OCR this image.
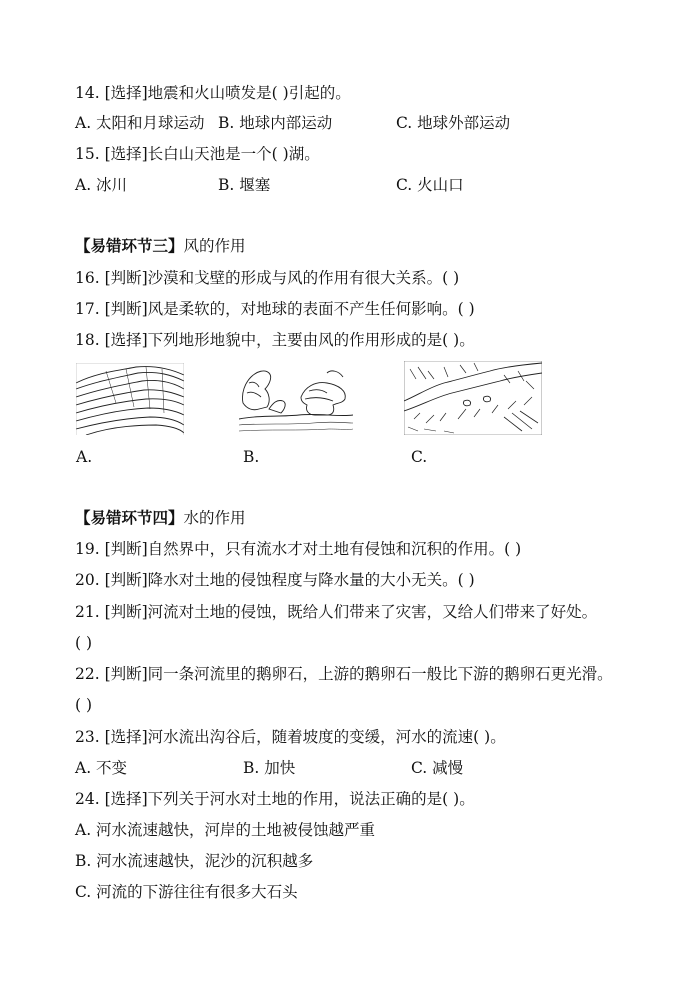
14. [选择]地震和火山喷发是( )引起的。
A. 太阳和月球运动 B. 地球内部运动	C. 地球外部运动
15. [选择]长白山天池是一个( )湖。
A. 冰川	B. 堰塞	C. 火山口
【易错环节三】风的作用
16. [判断]沙漠和戈壁的形成与风的作用有很大关系。( )
17. [判断]风是柔软的，对地球的表面不产生任何影响。( )
18. [选择]下列地形地貌中，主要由风的作用形成的是( )。
A.	B.	C.
【易错环节四】水的作用
19. [判断]自然界中，只有流水才对土地有侵蚀和沉积的作用。( )
20. [判断]降水对土地的侵蚀程度与降水量的大小无关。( )
21. [判断]河流对土地的侵蚀，既给人们带来了灾害，又给人们带来了好处。
( )
22. [判断]同一条河流里的鹅卵石，上游的鹅卵石一般比下游的鹅卵石更光滑。
( )
23. [选择]河水流出沟谷后，随着坡度的变缓，河水的流速( )。
A. 不变	B. 加快	C. 减慢
24. [选择]下列关于河水对土地的作用，说法正确的是( )。
A. 河水流速越快，河岸的土地被侵蚀越严重
B. 河水流速越快，泥沙的沉积越多
C. 河流的下游往往有很多大石头
